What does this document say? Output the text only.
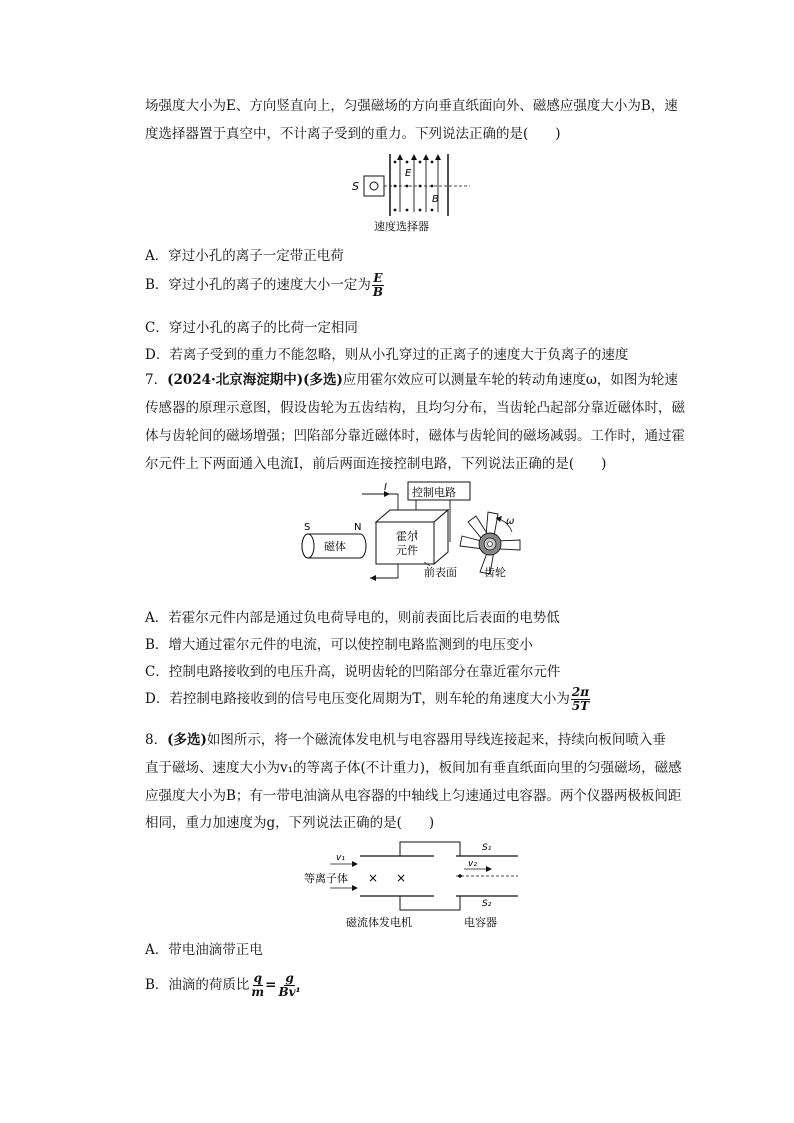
场强度大小为E、方向竖直向上，匀强磁场的方向垂直纸面向外、磁感应强度大小为B，速
度选择器置于真空中，不计离子受到的重力。下列说法正确的是(　　)
S
E
B
速度选择器
A．穿过小孔的离子一定带正电荷
B．穿过小孔的离子的速度大小一定为 $\frac{E}{B}$
C．穿过小孔的离子的比荷一定相同
D．若离子受到的重力不能忽略，则从小孔穿过的正离子的速度大于负离子的速度
7．(2024·北京海淀期中)(多选)应用霍尔效应可以测量车轮的转动角速度ω，如图为轮速
传感器的原理示意图，假设齿轮为五齿结构，且均匀分布，当齿轮凸起部分靠近磁体时，磁
体与齿轮间的磁场增强；凹陷部分靠近磁体时，磁体与齿轮间的磁场减弱。工作时，通过霍
尔元件上下两面通入电流I，前后两面连接控制电路，下列说法正确的是(　　)
I 控制电路
霍尔
元件
前表面
S	N
磁体
ω
齿轮
A．若霍尔元件内部是通过负电荷导电的，则前表面比后表面的电势低
B．增大通过霍尔元件的电流，可以使控制电路监测到的电压变小
C．控制电路接收到的电压升高，说明齿轮的凹陷部分在靠近霍尔元件
D．若控制电路接收到的信号电压变化周期为T，则车轮的角速度大小为 $\frac{2\pi}{5T}$
8．(多选)如图所示，将一个磁流体发电机与电容器用导线连接起来，持续向板间喷入垂
直于磁场、速度大小为v₁的等离子体(不计重力)，板间加有垂直纸面向里的匀强磁场，磁感
应强度大小为B；有一带电油滴从电容器的中轴线上匀速通过电容器。两个仪器两极板间距
相同，重力加速度为g，下列说法正确的是(　　)
v₁
等离子体 × ×
S₁
S₂
v₂
磁流体发电机	电容器
A．带电油滴带正电
B．油滴的荷质比 $\frac{q}{m} = \frac{g}{\text{Bv¹}}$
